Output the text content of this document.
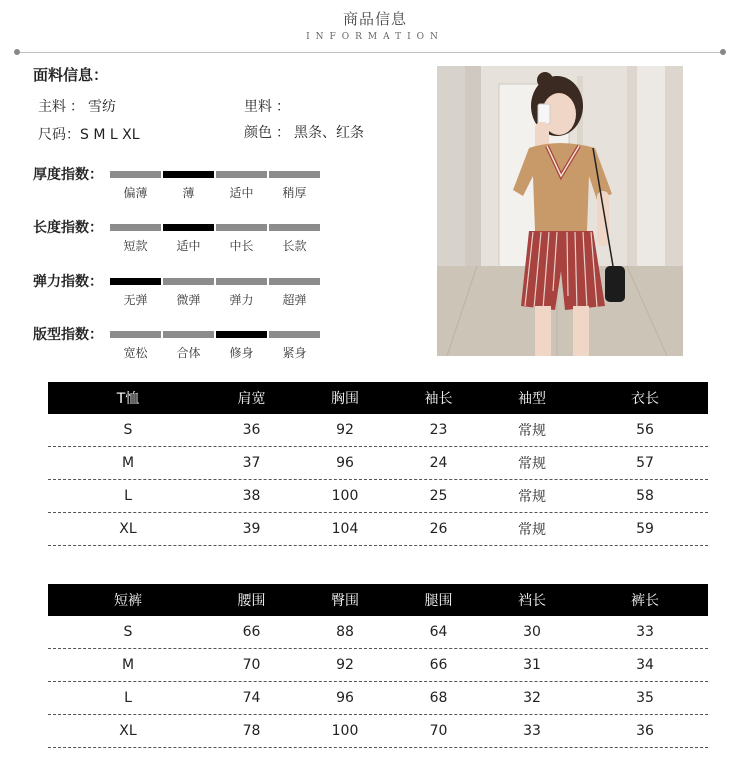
商品信息
INFORMATION
面料信息：
主料 ： 雪纺	里料 ：
尺码：S M L XL	颜色 ： 黑条、红条
厚度指数：
偏薄	薄	适中	稍厚
长度指数：
短款	适中	中长	长款
弹力指数：
无弹	微弹	弹力	超弹
版型指数：
宽松	合体	修身	紧身
T恤	肩宽	胸围	袖长	袖型	衣长
S	36	92	23	常规	56
M	37	96	24	常规	57
L	38	100	25	常规	58
XL	39	104	26	常规	59
短裤	腰围	臀围	腿围	裆长	裤长
S	66	88	64	30	33
M	70	92	66	31	34
L	74	96	68	32	35
XL	78	100	70	33	36
